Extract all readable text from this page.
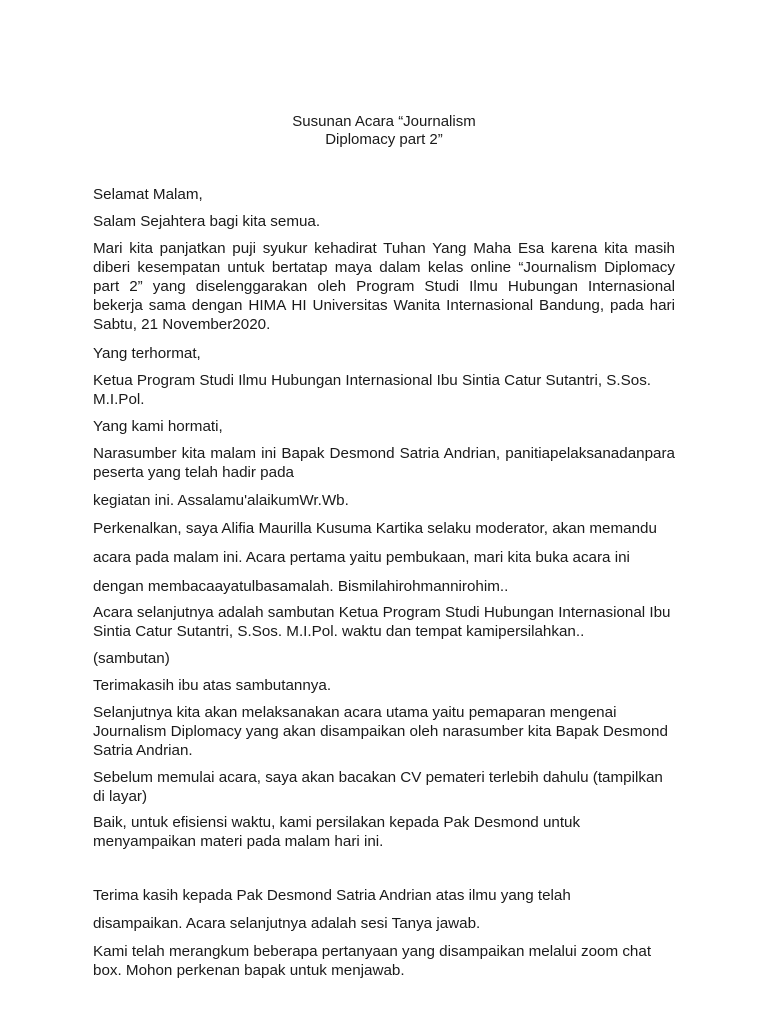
Susunan Acara “Journalism
Diplomacy part 2”

Selamat Malam,

Salam Sejahtera bagi kita semua.

Mari kita panjatkan puji syukur kehadirat Tuhan Yang Maha Esa karena kita masih diberi kesempatan untuk bertatap maya dalam kelas online “Journalism Diplomacy part 2” yang diselenggarakan oleh Program Studi Ilmu Hubungan Internasional bekerja sama dengan HIMA HI Universitas Wanita Internasional Bandung, pada hari Sabtu, 21 November2020.

Yang terhormat,

Ketua Program Studi Ilmu Hubungan Internasional Ibu Sintia Catur Sutantri, S.Sos. M.I.Pol.

Yang kami hormati,

Narasumber kita malam ini Bapak Desmond Satria Andrian, panitiapelaksanadanpara peserta yang telah hadir pada

kegiatan ini. Assalamu'alaikumWr.Wb.

Perkenalkan, saya Alifia Maurilla Kusuma Kartika selaku moderator, akan memandu

acara pada malam ini. Acara pertama yaitu pembukaan, mari kita buka acara ini

dengan membacaayatulbasamalah. Bismilahirohmannirohim..

Acara selanjutnya adalah sambutan Ketua Program Studi Hubungan Internasional Ibu Sintia Catur Sutantri, S.Sos. M.I.Pol. waktu dan tempat kamipersilahkan..

(sambutan)

Terimakasih ibu atas sambutannya.

Selanjutnya kita akan melaksanakan acara utama yaitu pemaparan mengenai Journalism Diplomacy yang akan disampaikan oleh narasumber kita Bapak Desmond Satria Andrian.

Sebelum memulai acara, saya akan bacakan CV pemateri terlebih dahulu (tampilkan di layar)

Baik, untuk efisiensi waktu, kami persilakan kepada Pak Desmond untuk menyampaikan materi pada malam hari ini.

Terima kasih kepada Pak Desmond Satria Andrian atas ilmu yang telah

disampaikan. Acara selanjutnya adalah sesi Tanya jawab.

Kami telah merangkum beberapa pertanyaan yang disampaikan melalui zoom chat box. Mohon perkenan bapak untuk menjawab.
